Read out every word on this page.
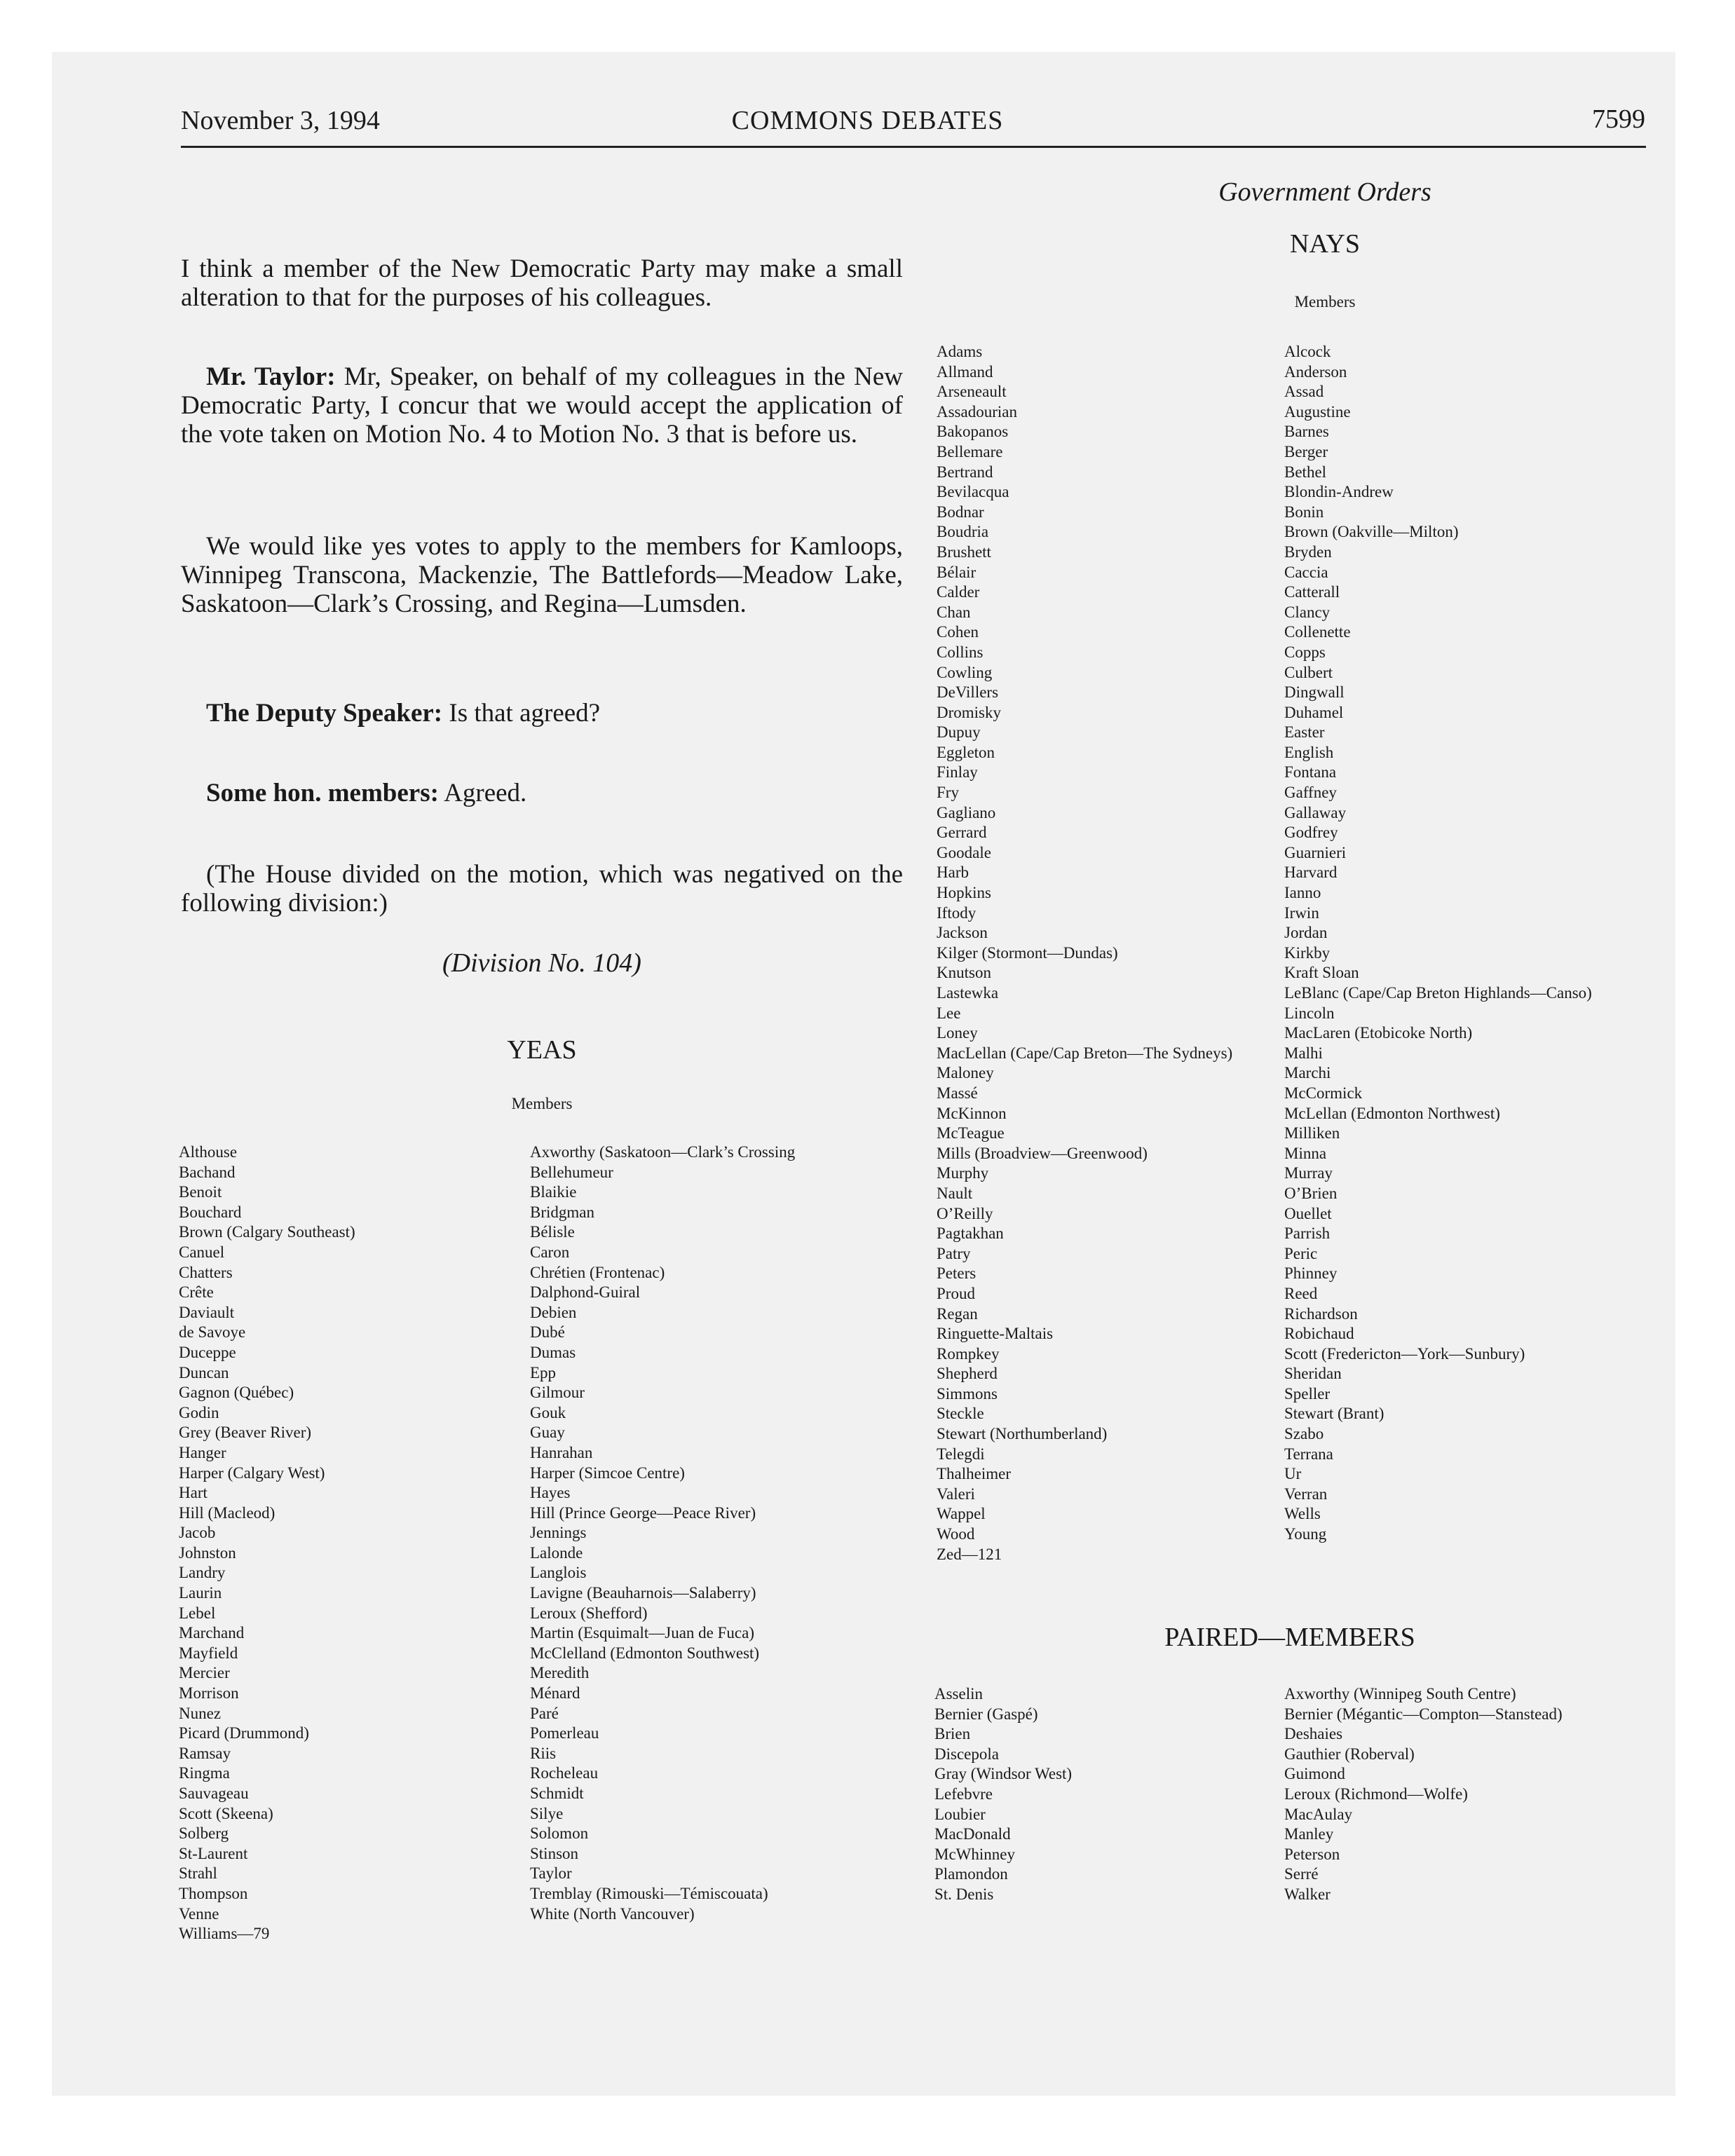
November 3, 1994	COMMONS DEBATES	7599
Government Orders

I think a member of the New Democratic Party may make a small alteration to that for the purposes of his colleagues.

Mr. Taylor: Mr, Speaker, on behalf of my colleagues in the New Democratic Party, I concur that we would accept the application of the vote taken on Motion No. 4 to Motion No. 3 that is before us.

We would like yes votes to apply to the members for Kamloops, Winnipeg Transcona, Mackenzie, The Battlefords—Meadow Lake, Saskatoon—Clark’s Crossing, and Regina—Lumsden.

The Deputy Speaker: Is that agreed?

Some hon. members: Agreed.

(The House divided on the motion, which was negatived on the following division:)

(Division No. 104)
YEAS
Members
Althouse
Bachand
Benoit
Bouchard
Brown (Calgary Southeast)
Canuel
Chatters
Crête
Daviault
de Savoye
Duceppe
Duncan
Gagnon (Québec)
Godin
Grey (Beaver River)
Hanger
Harper (Calgary West)
Hart
Hill (Macleod)
Jacob
Johnston
Landry
Laurin
Lebel
Marchand
Mayfield
Mercier
Morrison
Nunez
Picard (Drummond)
Ramsay
Ringma
Sauvageau
Scott (Skeena)
Solberg
St-Laurent
Strahl
Thompson
Venne
Williams—79
Axworthy (Saskatoon—Clark’s Crossing
Bellehumeur
Blaikie
Bridgman
Bélisle
Caron
Chrétien (Frontenac)
Dalphond-Guiral
Debien
Dubé
Dumas
Epp
Gilmour
Gouk
Guay
Hanrahan
Harper (Simcoe Centre)
Hayes
Hill (Prince George—Peace River)
Jennings
Lalonde
Langlois
Lavigne (Beauharnois—Salaberry)
Leroux (Shefford)
Martin (Esquimalt—Juan de Fuca)
McClelland (Edmonton Southwest)
Meredith
Ménard
Paré
Pomerleau
Riis
Rocheleau
Schmidt
Silye
Solomon
Stinson
Taylor
Tremblay (Rimouski—Témiscouata)
White (North Vancouver)
NAYS
Members
Adams
Allmand
Arseneault
Assadourian
Bakopanos
Bellemare
Bertrand
Bevilacqua
Bodnar
Boudria
Brushett
Bélair
Calder
Chan
Cohen
Collins
Cowling
DeVillers
Dromisky
Dupuy
Eggleton
Finlay
Fry
Gagliano
Gerrard
Goodale
Harb
Hopkins
Iftody
Jackson
Kilger (Stormont—Dundas)
Knutson
Lastewka
Lee
Loney
MacLellan (Cape/Cap Breton—The Sydneys)
Maloney
Massé
McKinnon
McTeague
Mills (Broadview—Greenwood)
Murphy
Nault
O’Reilly
Pagtakhan
Patry
Peters
Proud
Regan
Ringuette-Maltais
Rompkey
Shepherd
Simmons
Steckle
Stewart (Northumberland)
Telegdi
Thalheimer
Valeri
Wappel
Wood
Zed—121
Alcock
Anderson
Assad
Augustine
Barnes
Berger
Bethel
Blondin-Andrew
Bonin
Brown (Oakville—Milton)
Bryden
Caccia
Catterall
Clancy
Collenette
Copps
Culbert
Dingwall
Duhamel
Easter
English
Fontana
Gaffney
Gallaway
Godfrey
Guarnieri
Harvard
Ianno
Irwin
Jordan
Kirkby
Kraft Sloan
LeBlanc (Cape/Cap Breton Highlands—Canso)
Lincoln
MacLaren (Etobicoke North)
Malhi
Marchi
McCormick
McLellan (Edmonton Northwest)
Milliken
Minna
Murray
O’Brien
Ouellet
Parrish
Peric
Phinney
Reed
Richardson
Robichaud
Scott (Fredericton—York—Sunbury)
Sheridan
Speller
Stewart (Brant)
Szabo
Terrana
Ur
Verran
Wells
Young
PAIRED—MEMBERS
Asselin
Bernier (Gaspé)
Brien
Discepola
Gray (Windsor West)
Lefebvre
Loubier
MacDonald
McWhinney
Plamondon
St. Denis
Axworthy (Winnipeg South Centre)
Bernier (Mégantic—Compton—Stanstead)
Deshaies
Gauthier (Roberval)
Guimond
Leroux (Richmond—Wolfe)
MacAulay
Manley
Peterson
Serré
Walker
